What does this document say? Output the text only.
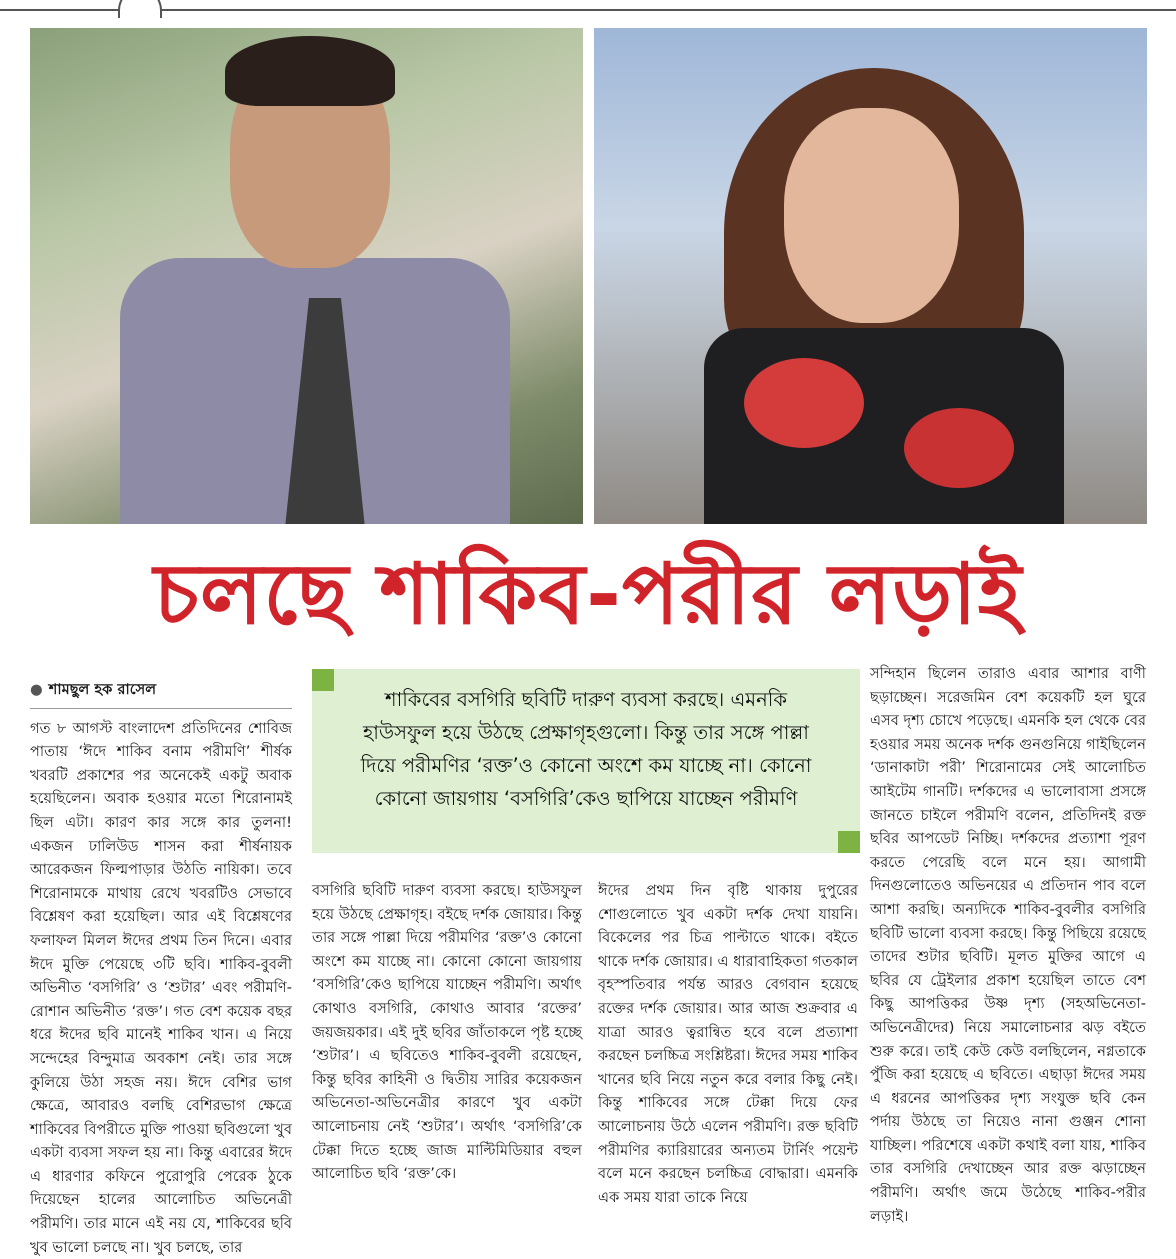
চলছে শাকিব-পরীর লড়াই
● শামছুল হক রাসেল

গত ৮ আগস্ট বাংলাদেশ প্রতিদিনের শোবিজ পাতায় ‘ঈদে শাকিব বনাম পরীমণি’ শীর্ষক খবরটি প্রকাশের পর অনেকেই একটু অবাক হয়েছিলেন। অবাক হওয়ার মতো শিরোনামই ছিল এটা। কারণ কার সঙ্গে কার তুলনা! একজন ঢালিউড শাসন করা শীর্ষনায়ক আরেকজন ফিল্মপাড়ার উঠতি নায়িকা। তবে শিরোনামকে মাথায় রেখে খবরটিও সেভাবে বিশ্লেষণ করা হয়েছিল। আর এই বিশ্লেষণের ফলাফল মিলল ঈদের প্রথম তিন দিনে। এবার ঈদে মুক্তি পেয়েছে ৩টি ছবি। শাকিব-বুবলী অভিনীত ‘বসগিরি’ ও ‘শুটার’ এবং পরীমণি-রোশান অভিনীত ‘রক্ত’। গত বেশ কয়েক বছর ধরে ঈদের ছবি মানেই শাকিব খান। এ নিয়ে সন্দেহের বিন্দুমাত্র অবকাশ নেই। তার সঙ্গে কুলিয়ে উঠা সহজ নয়। ঈদে বেশির ভাগ ক্ষেত্রে, আবারও বলছি বেশিরভাগ ক্ষেত্রে শাকিবের বিপরীতে মুক্তি পাওয়া ছবিগুলো খুব একটা ব্যবসা সফল হয় না। কিন্তু এবারের ঈদে এ ধারণার কফিনে পুরোপুরি পেরেক ঠুকে দিয়েছেন হালের আলোচিত অভিনেত্রী পরীমণি। তার মানে এই নয় যে, শাকিবের ছবি খুব ভালো চলছে না। খুব চলছে, তার

শাকিবের বসগিরি ছবিটি দারুণ ব্যবসা করছে। এমনকি হাউসফুল হয়ে উঠছে প্রেক্ষাগৃহগুলো। কিন্তু তার সঙ্গে পাল্লা দিয়ে পরীমণির ‘রক্ত’ও কোনো অংশে কম যাচ্ছে না। কোনো কোনো জায়গায় ‘বসগিরি’কেও ছাপিয়ে যাচ্ছেন পরীমণি

বসগিরি ছবিটি দারুণ ব্যবসা করছে। হাউসফুল হয়ে উঠছে প্রেক্ষাগৃহ। বইছে দর্শক জোয়ার। কিন্তু তার সঙ্গে পাল্লা দিয়ে পরীমণির ‘রক্ত’ও কোনো অংশে কম যাচ্ছে না। কোনো কোনো জায়গায় ‘বসগিরি’কেও ছাপিয়ে যাচ্ছেন পরীমণি। অর্থাৎ কোথাও বসগিরি, কোথাও আবার ‘রক্তের’ জয়জয়কার। এই দুই ছবির জাঁতাকলে পৃষ্ট হচ্ছে ‘শুটার’। এ ছবিতেও শাকিব-বুবলী রয়েছেন, কিন্তু ছবির কাহিনী ও দ্বিতীয় সারির কয়েকজন অভিনেতা-অভিনেত্রীর কারণে খুব একটা আলোচনায় নেই ‘শুটার’। অর্থাৎ ‘বসগিরি’কে টেক্কা দিতে হচ্ছে জাজ মাল্টিমিডিয়ার বহুল আলোচিত ছবি ‘রক্ত’কে।

ঈদের প্রথম দিন বৃষ্টি থাকায় দুপুরের শোগুলোতে খুব একটা দর্শক দেখা যায়নি। বিকেলের পর চিত্র পাল্টাতে থাকে। বইতে থাকে দর্শক জোয়ার। এ ধারাবাহিকতা গতকাল বৃহস্পতিবার পর্যন্ত আরও বেগবান হয়েছে রক্তের দর্শক জোয়ার। আর আজ শুক্রবার এ যাত্রা আরও ত্বরান্বিত হবে বলে প্রত্যাশা করছেন চলচ্চিত্র সংশ্লিষ্টরা। ঈদের সময় শাকিব খানের ছবি নিয়ে নতুন করে বলার কিছু নেই। কিন্তু শাকিবের সঙ্গে টেক্কা দিয়ে ফের আলোচনায় উঠে এলেন পরীমণি। রক্ত ছবিটি পরীমণির ক্যারিয়ারের অন্যতম টার্নিং পয়েন্ট বলে মনে করছেন চলচ্চিত্র বোদ্ধারা। এমনকি এক সময় যারা তাকে নিয়ে

সন্দিহান ছিলেন তারাও এবার আশার বাণী ছড়াচ্ছেন। সরেজমিন বেশ কয়েকটি হল ঘুরে এসব দৃশ্য চোখে পড়েছে। এমনকি হল থেকে বের হওয়ার সময় অনেক দর্শক গুনগুনিয়ে গাইছিলেন ‘ডানাকাটা পরী’ শিরোনামের সেই আলোচিত আইটেম গানটি। দর্শকদের এ ভালোবাসা প্রসঙ্গে জানতে চাইলে পরীমণি বলেন, প্রতিদিনই রক্ত ছবির আপডেট নিচ্ছি। দর্শকদের প্রত্যাশা পূরণ করতে পেরেছি বলে মনে হয়। আগামী দিনগুলোতেও অভিনয়ের এ প্রতিদান পাব বলে আশা করছি। অন্যদিকে শাকিব-বুবলীর বসগিরি ছবিটি ভালো ব্যবসা করছে। কিন্তু পিছিয়ে রয়েছে তাদের শুটার ছবিটি। মূলত মুক্তির আগে এ ছবির যে ট্রেইলার প্রকাশ হয়েছিল তাতে বেশ কিছু আপত্তিকর উষ্ণ দৃশ্য (সহঅভিনেতা-অভিনেত্রীদের) নিয়ে সমালোচনার ঝড় বইতে শুরু করে। তাই কেউ কেউ বলছিলেন, নগ্নতাকে পুঁজি করা হয়েছে এ ছবিতে। এছাড়া ঈদের সময় এ ধরনের আপত্তিকর দৃশ্য সংযুক্ত ছবি কেন পর্দায় উঠছে তা নিয়েও নানা গুঞ্জন শোনা যাচ্ছিল। পরিশেষে একটা কথাই বলা যায়, শাকিব তার বসগিরি দেখাচ্ছেন আর রক্ত ঝড়াচ্ছেন পরীমণি। অর্থাৎ জমে উঠেছে শাকিব-পরীর লড়াই।
